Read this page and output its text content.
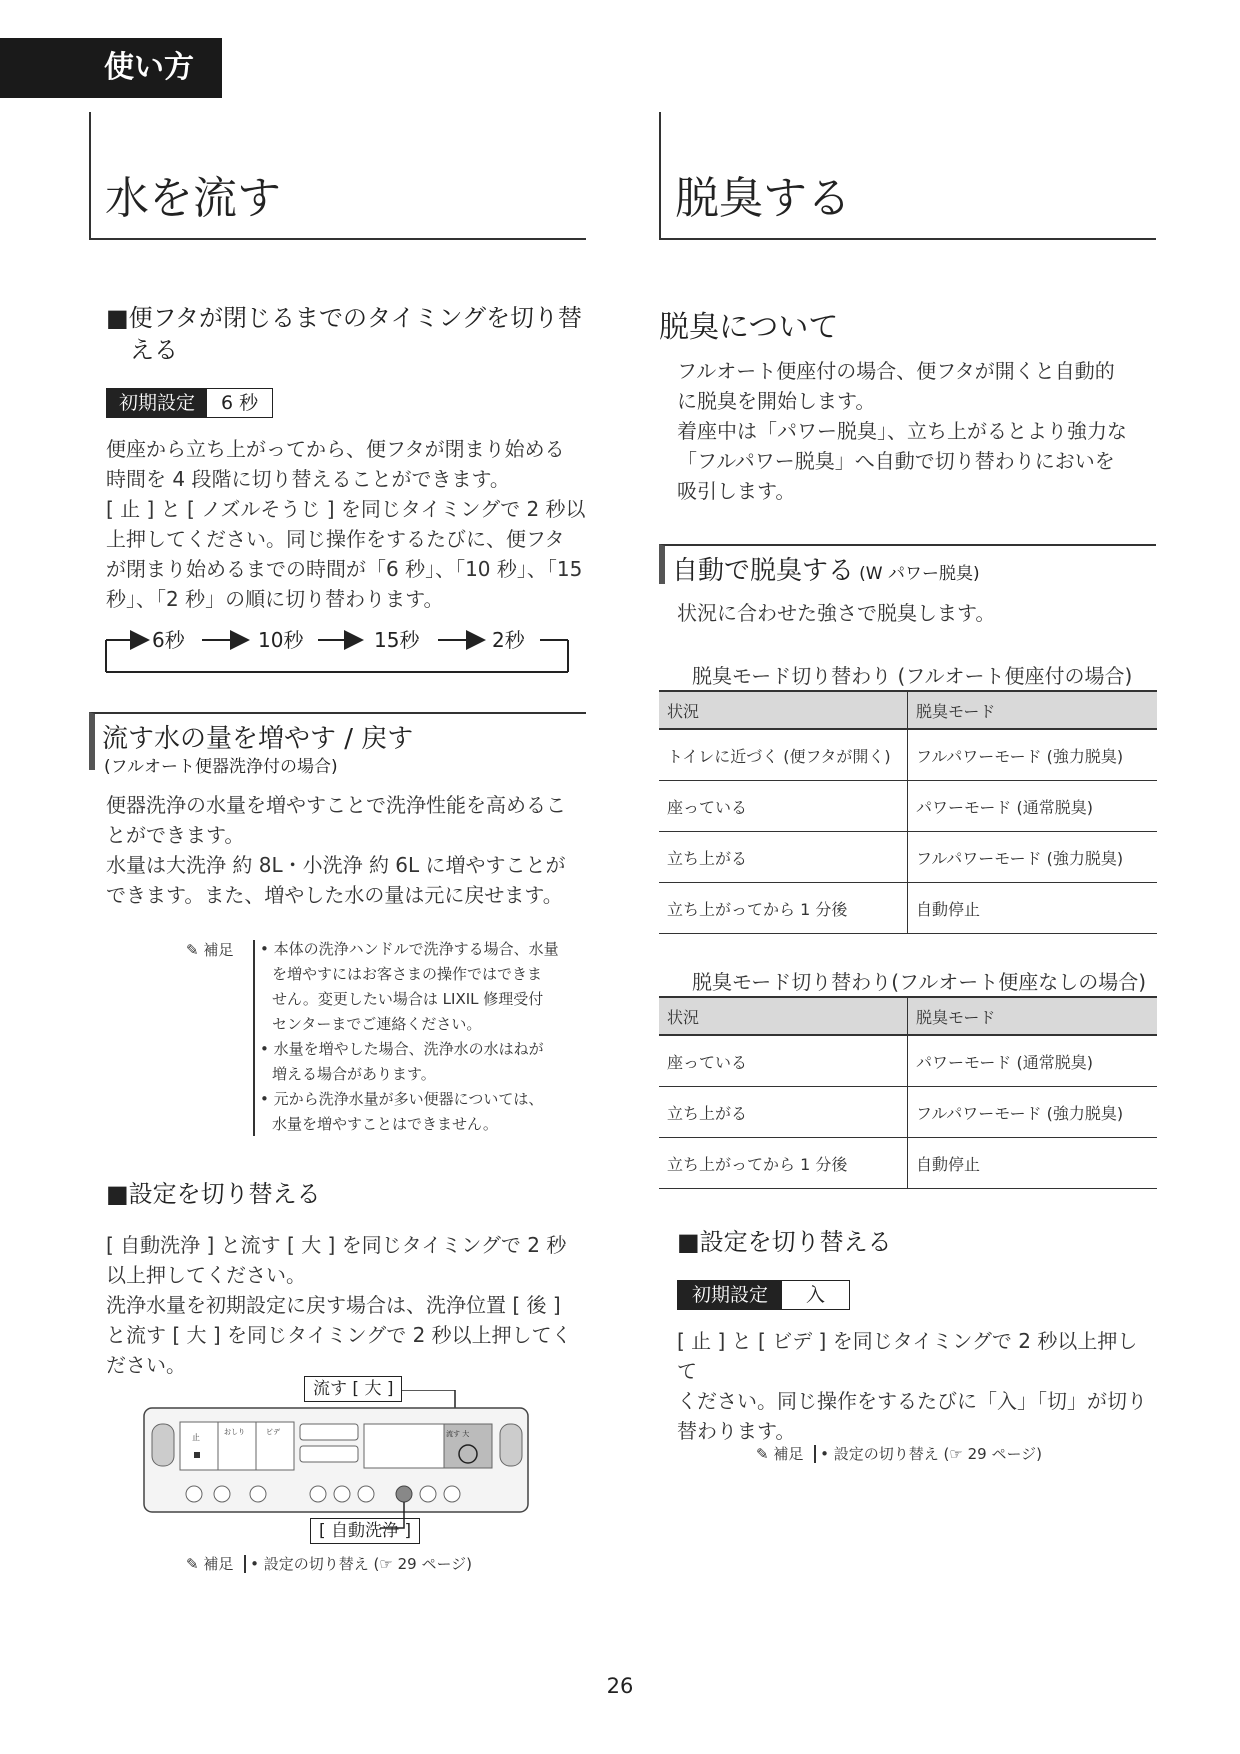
使い方
水を流す
■便フタが閉じるまでのタイミングを切り替
える
初期設定	6 秒
便座から立ち上がってから、便フタが閉まり始める
時間を 4 段階に切り替えることができます。
[ 止 ] と [ ノズルそうじ ] を同じタイミングで 2 秒以
上押してください。同じ操作をするたびに、便フタ
が閉まり始めるまでの時間が「6 秒」、「10 秒」、「15
秒」、「2 秒」の順に切り替わります。
6秒	10秒	15秒	2秒
流す水の量を増やす / 戻す
(フルオート便器洗浄付の場合)
便器洗浄の水量を増やすことで洗浄性能を高めるこ
とができます。
水量は大洗浄 約 8L・小洗浄 約 6L に増やすことが
できます。また、増やした水の量は元に戻せます。
✎ 補足 • 本体の洗浄ハンドルで洗浄する場合、水量
を増やすにはお客さまの操作ではできま
せん。変更したい場合は LIXIL 修理受付
センターまでご連絡ください。
• 水量を増やした場合、洗浄水の水はねが
増える場合があります。
• 元から洗浄水量が多い便器については、
水量を増やすことはできません。
■設定を切り替える
[ 自動洗浄 ] と流す [ 大 ] を同じタイミングで 2 秒
以上押してください。
洗浄水量を初期設定に戻す場合は、洗浄位置 [ 後 ]
と流す [ 大 ] を同じタイミングで 2 秒以上押してく
ださい。
流す [ 大 ]
止
おしり	ビデ	流す 大
[ 自動洗浄 ]
✎ 補足 • 設定の切り替え (☞ 29 ページ)
脱臭する
脱臭について
フルオート便座付の場合、便フタが開くと自動的
に脱臭を開始します。
着座中は「パワー脱臭」、立ち上がるとより強力な
「フルパワー脱臭」へ自動で切り替わりにおいを
吸引します。
自動で脱臭する (W パワー脱臭)
状況に合わせた強さで脱臭します。
脱臭モード切り替わり (フルオート便座付の場合)
状況	脱臭モード
トイレに近づく (便フタが開く)	フルパワーモード (強力脱臭)
座っている	パワーモード (通常脱臭)
立ち上がる	フルパワーモード (強力脱臭)
立ち上がってから 1 分後	自動停止
脱臭モード切り替わり(フルオート便座なしの場合)
状況	脱臭モード
座っている	パワーモード (通常脱臭)
立ち上がる	フルパワーモード (強力脱臭)
立ち上がってから 1 分後	自動停止
■設定を切り替える
初期設定	入
[ 止 ] と [ ビデ ] を同じタイミングで 2 秒以上押して
ください。同じ操作をするたびに「入」「切」が切り
替わります。
✎ 補足 • 設定の切り替え (☞ 29 ページ)
26
